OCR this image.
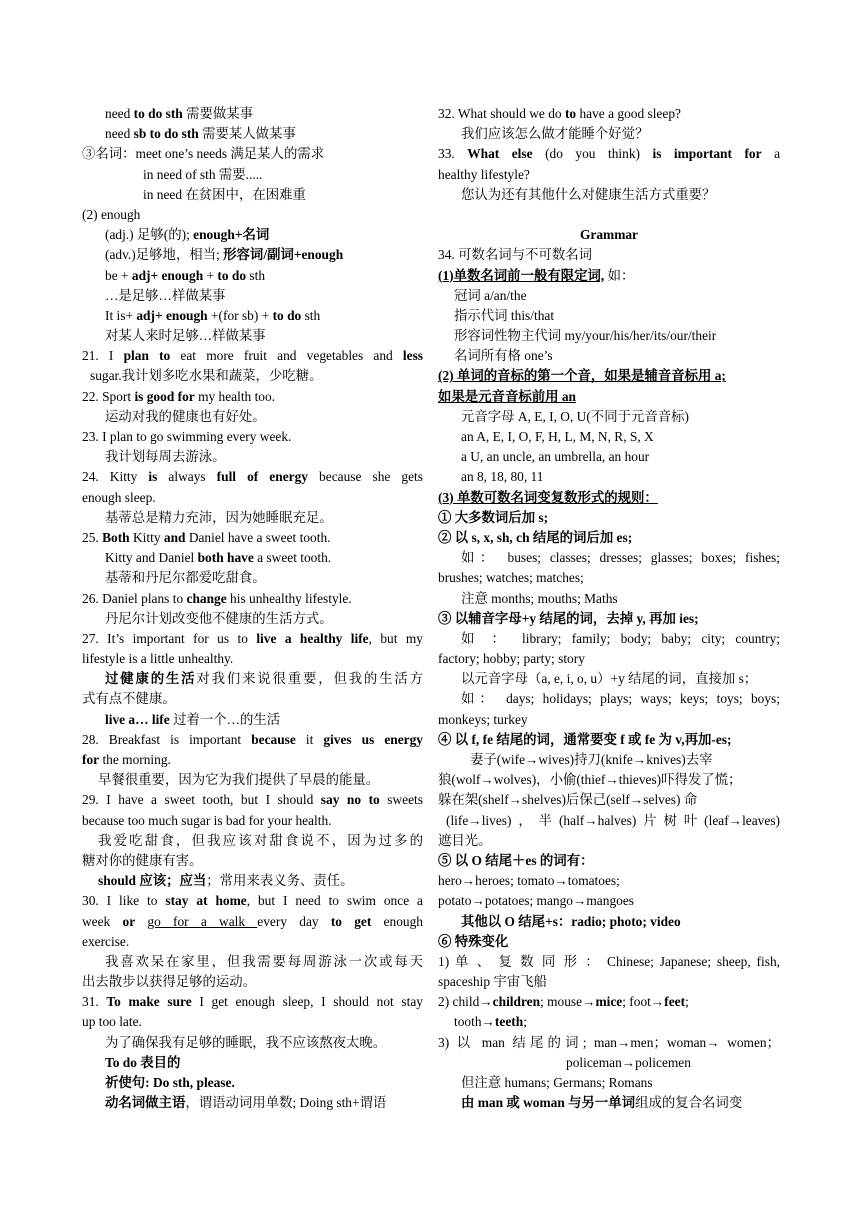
need to do sth 需要做某事
need sb to do sth 需要某人做某事
③名词：meet one’s needs 满足某人的需求
in need of sth 需要.....
in need 在贫困中，在困难重
(2) enough
(adj.) 足够(的); enough+名词
(adv.)足够地，相当; 形容词/副词+enough
be + adj+ enough + to do sth
…是足够…样做某事
It is+ adj+ enough +(for sb) + to do sth
对某人来时足够…样做某事
21. I plan to eat more fruit and vegetables and less
sugar.我计划多吃水果和蔬菜，少吃糖。
22. Sport is good for my health too.
运动对我的健康也有好处。
23. I plan to go swimming every week.
我计划每周去游泳。
24. Kitty is always full of energy because she gets
enough sleep.
基蒂总是精力充沛，因为她睡眠充足。
25. Both Kitty and Daniel have a sweet tooth.
Kitty and Daniel both have a sweet tooth.
基蒂和丹尼尔都爱吃甜食。
26. Daniel plans to change his unhealthy lifestyle.
丹尼尔计划改变他不健康的生活方式。
27. It’s important for us to live a healthy life, but my
lifestyle is a little unhealthy.
过健康的生活对我们来说很重要，但我的生活方
式有点不健康。
live a… life 过着一个…的生活
28. Breakfast is important because it gives us energy
for the morning.
早餐很重要，因为它为我们提供了早晨的能量。
29. I have a sweet tooth, but I should say no to sweets
because too much sugar is bad for your health.
我爱吃甜食，但我应该对甜食说不，因为过多的
糖对你的健康有害。
should 应该；应当；常用来表义务、责任。
30. I like to stay at home, but I need to swim once a
week or go for a walk every day to get enough
exercise.
我喜欢呆在家里，但我需要每周游泳一次或每天
出去散步以获得足够的运动。
31. To make sure I get enough sleep, I should not stay
up too late.
为了确保我有足够的睡眠，我不应该熬夜太晚。
To do 表目的
祈使句: Do sth, please.
动名词做主语，谓语动词用单数; Doing sth+谓语
32. What should we do to have a good sleep?
我们应该怎么做才能睡个好觉？
33. What else (do you think) is important for a
healthy lifestyle?
您认为还有其他什么对健康生活方式重要？
Grammar
34. 可数名词与不可数名词
(1)单数名词前一般有限定词, 如：
冠词 a/an/the
指示代词 this/that
形容词性物主代词 my/your/his/her/its/our/their
名词所有格 one’s
(2) 单词的音标的第一个音，如果是辅音音标用 a;
如果是元音音标前用 an
元音字母 A, E, I, O, U(不同于元音音标)
an A, E, I, O, F, H, L, M, N, R, S, X
a U, an uncle, an umbrella, an hour
an 8, 18, 80, 11
(3) 单数可数名词变复数形式的规则：
① 大多数词后加 s;
② 以 s, x, sh, ch 结尾的词后加 es;
如： buses; classes; dresses; glasses; boxes; fishes;
brushes; watches; matches;
注意 months; mouths; Maths
③ 以辅音字母+y 结尾的词，去掉 y, 再加 ies;
如 ： library; family; body; baby; city; country;
factory; hobby; party; story
以元音字母（a, e, i, o, u）+y 结尾的词，直接加 s；
如： days; holidays; plays; ways; keys; toys; boys;
monkeys; turkey
④ 以 f, fe 结尾的词，通常要变 f 或 fe 为 v,再加-es;
妻子(wife→wives)持刀(knife→knives)去宰
狼(wolf→wolves)，小偷(thief→thieves)吓得发了慌；
躲在架(shelf→shelves)后保己(self→selves) 命
(life→lives)，半(half→halves)片树叶(leaf→leaves)
遮目光。
⑤ 以 O 结尾＋es 的词有：
hero→heroes; tomato→tomatoes;
potato→potatoes; mango→mangoes
其他以 O 结尾+s：radio; photo; video
⑥ 特殊变化
1) 单 、 复 数 同 形 ： Chinese; Japanese; sheep, fish,
spaceship 宇宙飞船
2) child→children; mouse→mice; foot→feet;
tooth→teeth;
3) 以 man 结尾的词; man→men；woman→ women；
policeman→policemen
但注意 humans; Germans; Romans
由 man 或 woman 与另一单词组成的复合名词变
